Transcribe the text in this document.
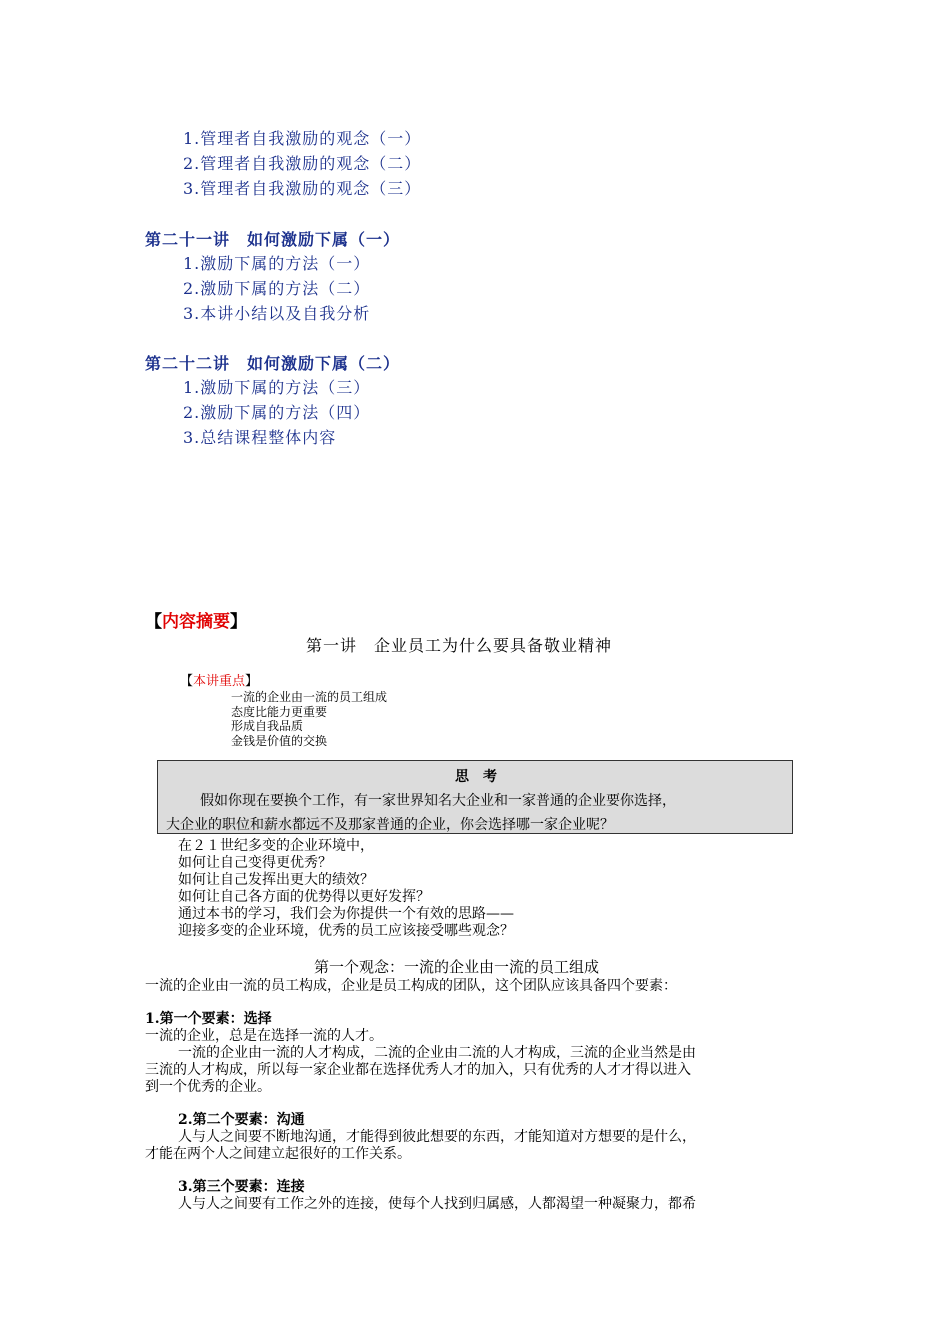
1.管理者自我激励的观念（一）
2.管理者自我激励的观念（二）
3.管理者自我激励的观念（三）
第二十一讲　如何激励下属（一）
1.激励下属的方法（一）
2.激励下属的方法（二）
3.本讲小结以及自我分析
第二十二讲　如何激励下属（二）
1.激励下属的方法（三）
2.激励下属的方法（四）
3.总结课程整体内容
【内容摘要】
第一讲　企业员工为什么要具备敬业精神
【本讲重点】
一流的企业由一流的员工组成
态度比能力更重要
形成自我品质
金钱是价值的交换
思考
假如你现在要换个工作，有一家世界知名大企业和一家普通的企业要你选择，
大企业的职位和薪水都远不及那家普通的企业，你会选择哪一家企业呢？
在２１世纪多变的企业环境中，
如何让自己变得更优秀？
如何让自己发挥出更大的绩效？
如何让自己各方面的优势得以更好发挥？
通过本书的学习，我们会为你提供一个有效的思路——
迎接多变的企业环境，优秀的员工应该接受哪些观念？
第一个观念：一流的企业由一流的员工组成
一流的企业由一流的员工构成，企业是员工构成的团队，这个团队应该具备四个要素：
1.第一个要素：选择
一流的企业，总是在选择一流的人才。
一流的企业由一流的人才构成，二流的企业由二流的人才构成，三流的企业当然是由
三流的人才构成，所以每一家企业都在选择优秀人才的加入，只有优秀的人才才得以进入
到一个优秀的企业。
2.第二个要素：沟通
人与人之间要不断地沟通，才能得到彼此想要的东西，才能知道对方想要的是什么，
才能在两个人之间建立起很好的工作关系。
3.第三个要素：连接
人与人之间要有工作之外的连接，使每个人找到归属感，人都渴望一种凝聚力，都希
